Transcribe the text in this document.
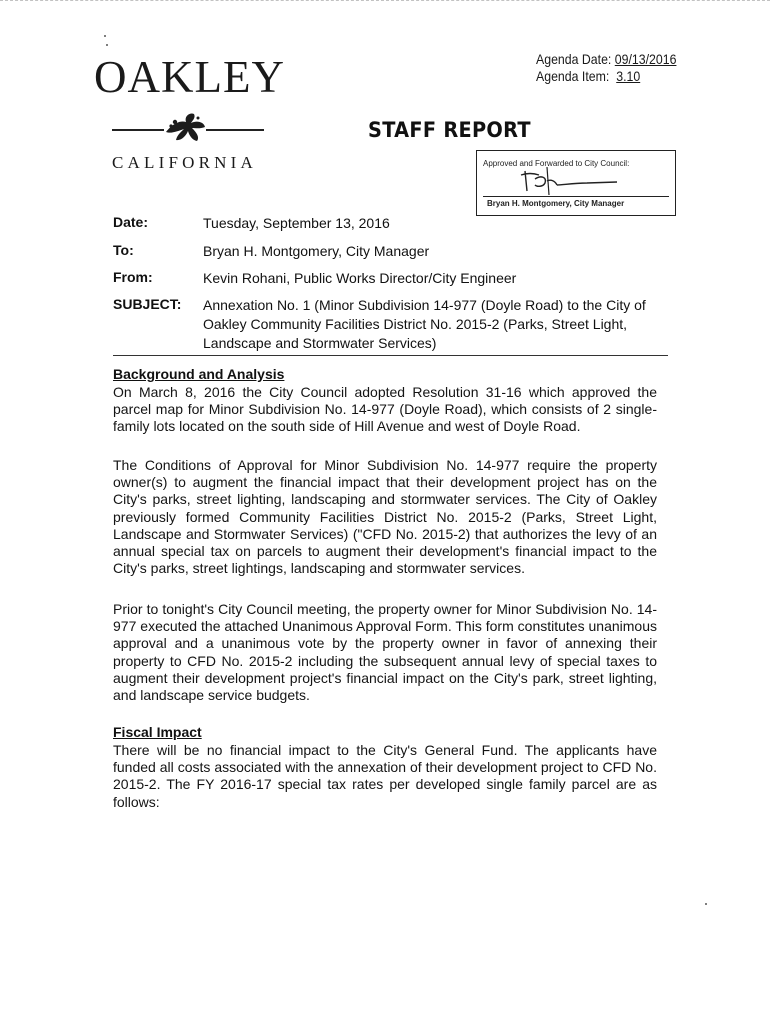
OAKLEY
CALIFORNIA
Agenda Date: 09/13/2016
Agenda Item: 3.10
STAFF REPORT
Approved and Forwarded to City Council:
Bryan H. Montgomery, City Manager
Date:	Tuesday, September 13, 2016
To:	Bryan H. Montgomery, City Manager
From:	Kevin Rohani, Public Works Director/City Engineer
SUBJECT: Annexation No. 1 (Minor Subdivision 14-977 (Doyle Road) to the City of Oakley Community Facilities District No. 2015-2 (Parks, Street Light, Landscape and Stormwater Services)
Background and Analysis
On March 8, 2016 the City Council adopted Resolution 31-16 which approved the parcel map for Minor Subdivision No. 14-977 (Doyle Road), which consists of 2 single-family lots located on the south side of Hill Avenue and west of Doyle Road.
The Conditions of Approval for Minor Subdivision No. 14-977 require the property owner(s) to augment the financial impact that their development project has on the City's parks, street lighting, landscaping and stormwater services. The City of Oakley previously formed Community Facilities District No. 2015-2 (Parks, Street Light, Landscape and Stormwater Services) ("CFD No. 2015-2) that authorizes the levy of an annual special tax on parcels to augment their development's financial impact to the City's parks, street lightings, landscaping and stormwater services.
Prior to tonight's City Council meeting, the property owner for Minor Subdivision No. 14-977 executed the attached Unanimous Approval Form. This form constitutes unanimous approval and a unanimous vote by the property owner in favor of annexing their property to CFD No. 2015-2 including the subsequent annual levy of special taxes to augment their development project's financial impact on the City's park, street lighting, and landscape service budgets.
Fiscal Impact
There will be no financial impact to the City's General Fund. The applicants have funded all costs associated with the annexation of their development project to CFD No. 2015-2. The FY 2016-17 special tax rates per developed single family parcel are as follows:
